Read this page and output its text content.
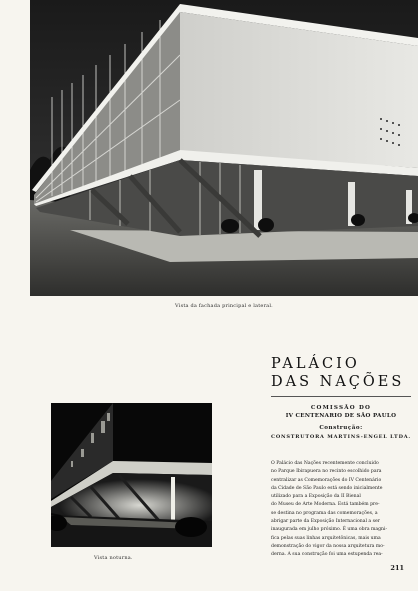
Vista da fachada principal e lateral.
PALÁCIO
DAS NAÇÕES
COMISSÃO DO
IV CENTENARIO DE SÃO PAULO
Construção:
CONSTRUTORA MARTINS-ENGEL LTDA.
O Palácio das Nações recentemente concluido
no Parque Ibirapuera no recinto escolhido para
centralizar as Comemorações do IV Centenário
da Cidade de São Paulo está sendo inicialmente
utilizado para a Exposição da II Bienal
do Museu de Arte Moderna. Está também pre-
se destina no programa das comemorações, a
abrigar parte da Exposição Internacional a ser
inaugurada em julho próximo. É uma obra magni-
fica pelas suas linhas arquitetônicas, mais uma
demonstração do vigor da nossa arquitetura mo-
derna. A sua construção foi uma estupenda rea-
Vista noturna.
211
